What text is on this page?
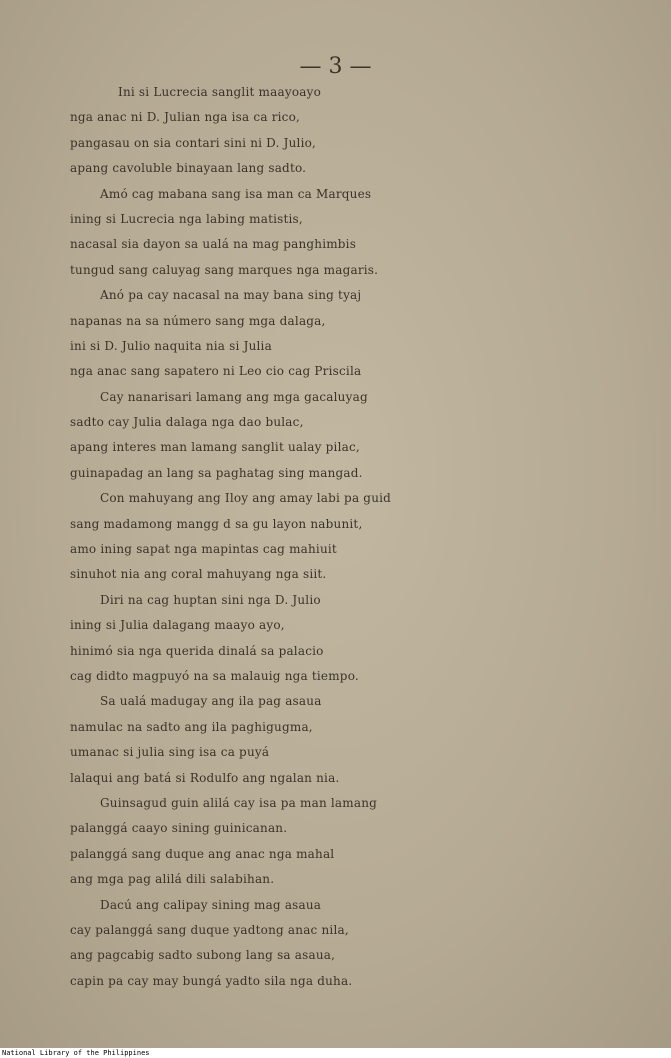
— 3 —
Ini si Lucrecia sanglit maayoayo
nga anac ni D. Julian nga isa ca rico,
pangasau on sia contari sini ni D. Julio,
apang cavoluble binayaan lang sadto.
Amó cag mabana sang isa man ca Marques
ining si Lucrecia nga labing matistis,
nacasal sia dayon sa ualá na mag panghimbis
tungud sang caluyag sang marques nga magaris.
Anó pa cay nacasal na may bana sing tyaj
napanas na sa número sang mga dalaga,
ini si D. Julio naquita nia si Julia
nga anac sang sapatero ni Leo cio cag Priscila
Cay nanarisari lamang ang mga gacaluyag
sadto cay Julia dalaga nga dao bulac,
apang interes man lamang sanglit ualay pilac,
guinapadag an lang sa paghatag sing mangad.
Con mahuyang ang Iloy ang amay labi pa guid
sang madamong mangg d sa gu layon nabunit,
amo ining sapat nga mapintas cag mahiuit
sinuhot nia ang coral mahuyang nga siit.
Diri na cag huptan sini nga D. Julio
ining si Julia dalagang maayo ayo,
hinimó sia nga querida dinalá sa palacio
cag didto magpuyó na sa malauig nga tiempo.
Sa ualá madugay ang ila pag asaua
namulac na sadto ang ila paghigugma,
umanac si julia sing isa ca puyá
lalaqui ang batá si Rodulfo ang ngalan nia.
Guinsagud guin alilá cay isa pa man lamang
palanggá caayo sining guinicanan.
palanggá sang duque ang anac nga mahal
ang mga pag alilá dili salabihan.
Dacú ang calipay sining mag asaua
cay palanggá sang duque yadtong anac nila,
ang pagcabig sadto subong lang sa asaua,
capin pa cay may bungá yadto sila nga duha.
National Library of the Philippines
